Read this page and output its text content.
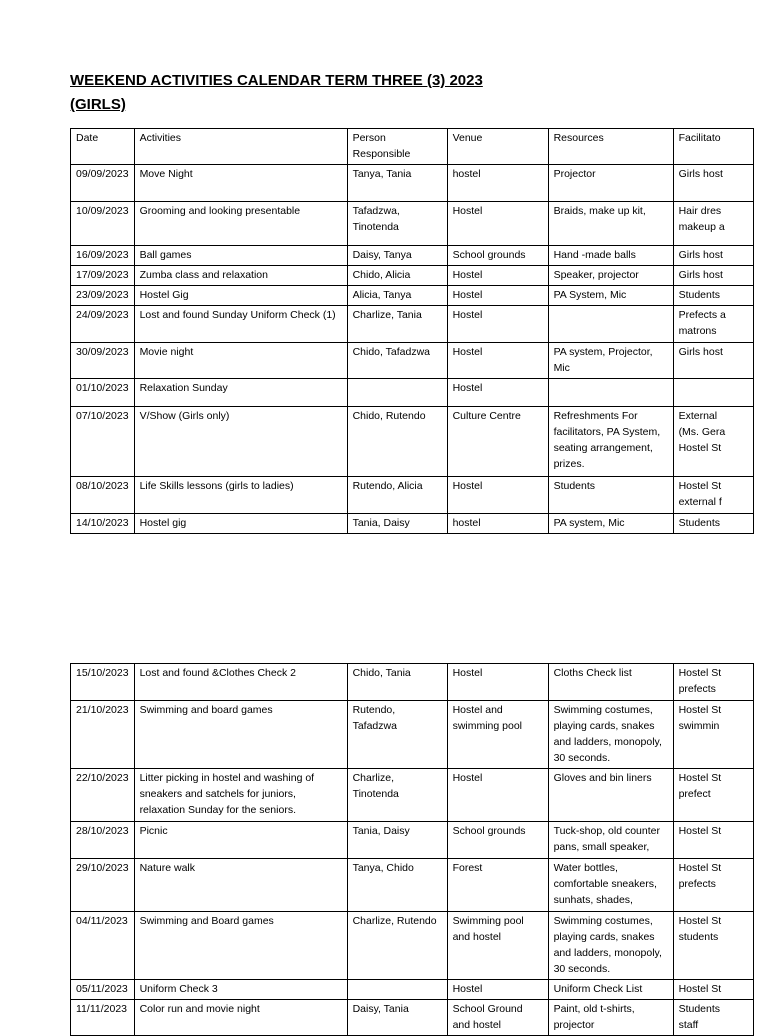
WEEKEND ACTIVITIES CALENDAR TERM THREE (3) 2023
(GIRLS)
Date	Activities	Person Responsible	Venue	Resources	Facilitato
09/09/2023	Move Night	Tanya, Tania	hostel	Projector	Girls host
10/09/2023	Grooming and looking presentable	Tafadzwa, Tinotenda	Hostel	Braids, make up kit,	Hair dres
makeup a
16/09/2023	Ball games	Daisy, Tanya	School grounds	Hand -made balls	Girls host
17/09/2023	Zumba class and relaxation	Chido, Alicia	Hostel	Speaker, projector	Girls host
23/09/2023	Hostel Gig	Alicia, Tanya	Hostel	PA System, Mic	Students
24/09/2023	Lost and found Sunday Uniform Check (1)	Charlize, Tania	Hostel		Prefects a
matrons
30/09/2023	Movie night	Chido, Tafadzwa	Hostel	PA system, Projector, Mic	Girls host
01/10/2023	Relaxation Sunday		Hostel		
07/10/2023	V/Show (Girls only)	Chido, Rutendo	Culture Centre	Refreshments For facilitators, PA System, seating arrangement, prizes.	External
(Ms. Gera
Hostel St
08/10/2023	Life Skills lessons (girls to ladies)	Rutendo, Alicia	Hostel	Students	Hostel St
external f
14/10/2023	Hostel gig	Tania, Daisy	hostel	PA system, Mic	Students
15/10/2023	Lost and found &Clothes Check 2	Chido, Tania	Hostel	Cloths Check list	Hostel St
prefects
21/10/2023	Swimming and board games	Rutendo, Tafadzwa	Hostel and swimming pool	Swimming costumes, playing cards, snakes and ladders, monopoly, 30 seconds.	Hostel St
swimmin
22/10/2023	Litter picking in hostel and washing of sneakers and satchels for juniors, relaxation Sunday for the seniors.	Charlize, Tinotenda	Hostel	Gloves and bin liners	Hostel St
prefect
28/10/2023	Picnic	Tania, Daisy	School grounds	Tuck-shop, old counter pans, small speaker,	Hostel St
29/10/2023	Nature walk	Tanya, Chido	Forest	Water bottles, comfortable sneakers, sunhats, shades,	Hostel St
prefects
04/11/2023	Swimming and Board games	Charlize, Rutendo	Swimming pool and hostel	Swimming costumes, playing cards, snakes and ladders, monopoly, 30 seconds.	Hostel St
students
05/11/2023	Uniform Check 3		Hostel	Uniform Check List	Hostel St
11/11/2023	Color run and movie night	Daisy, Tania	School Ground and hostel	Paint, old t-shirts, projector	Students
staff
